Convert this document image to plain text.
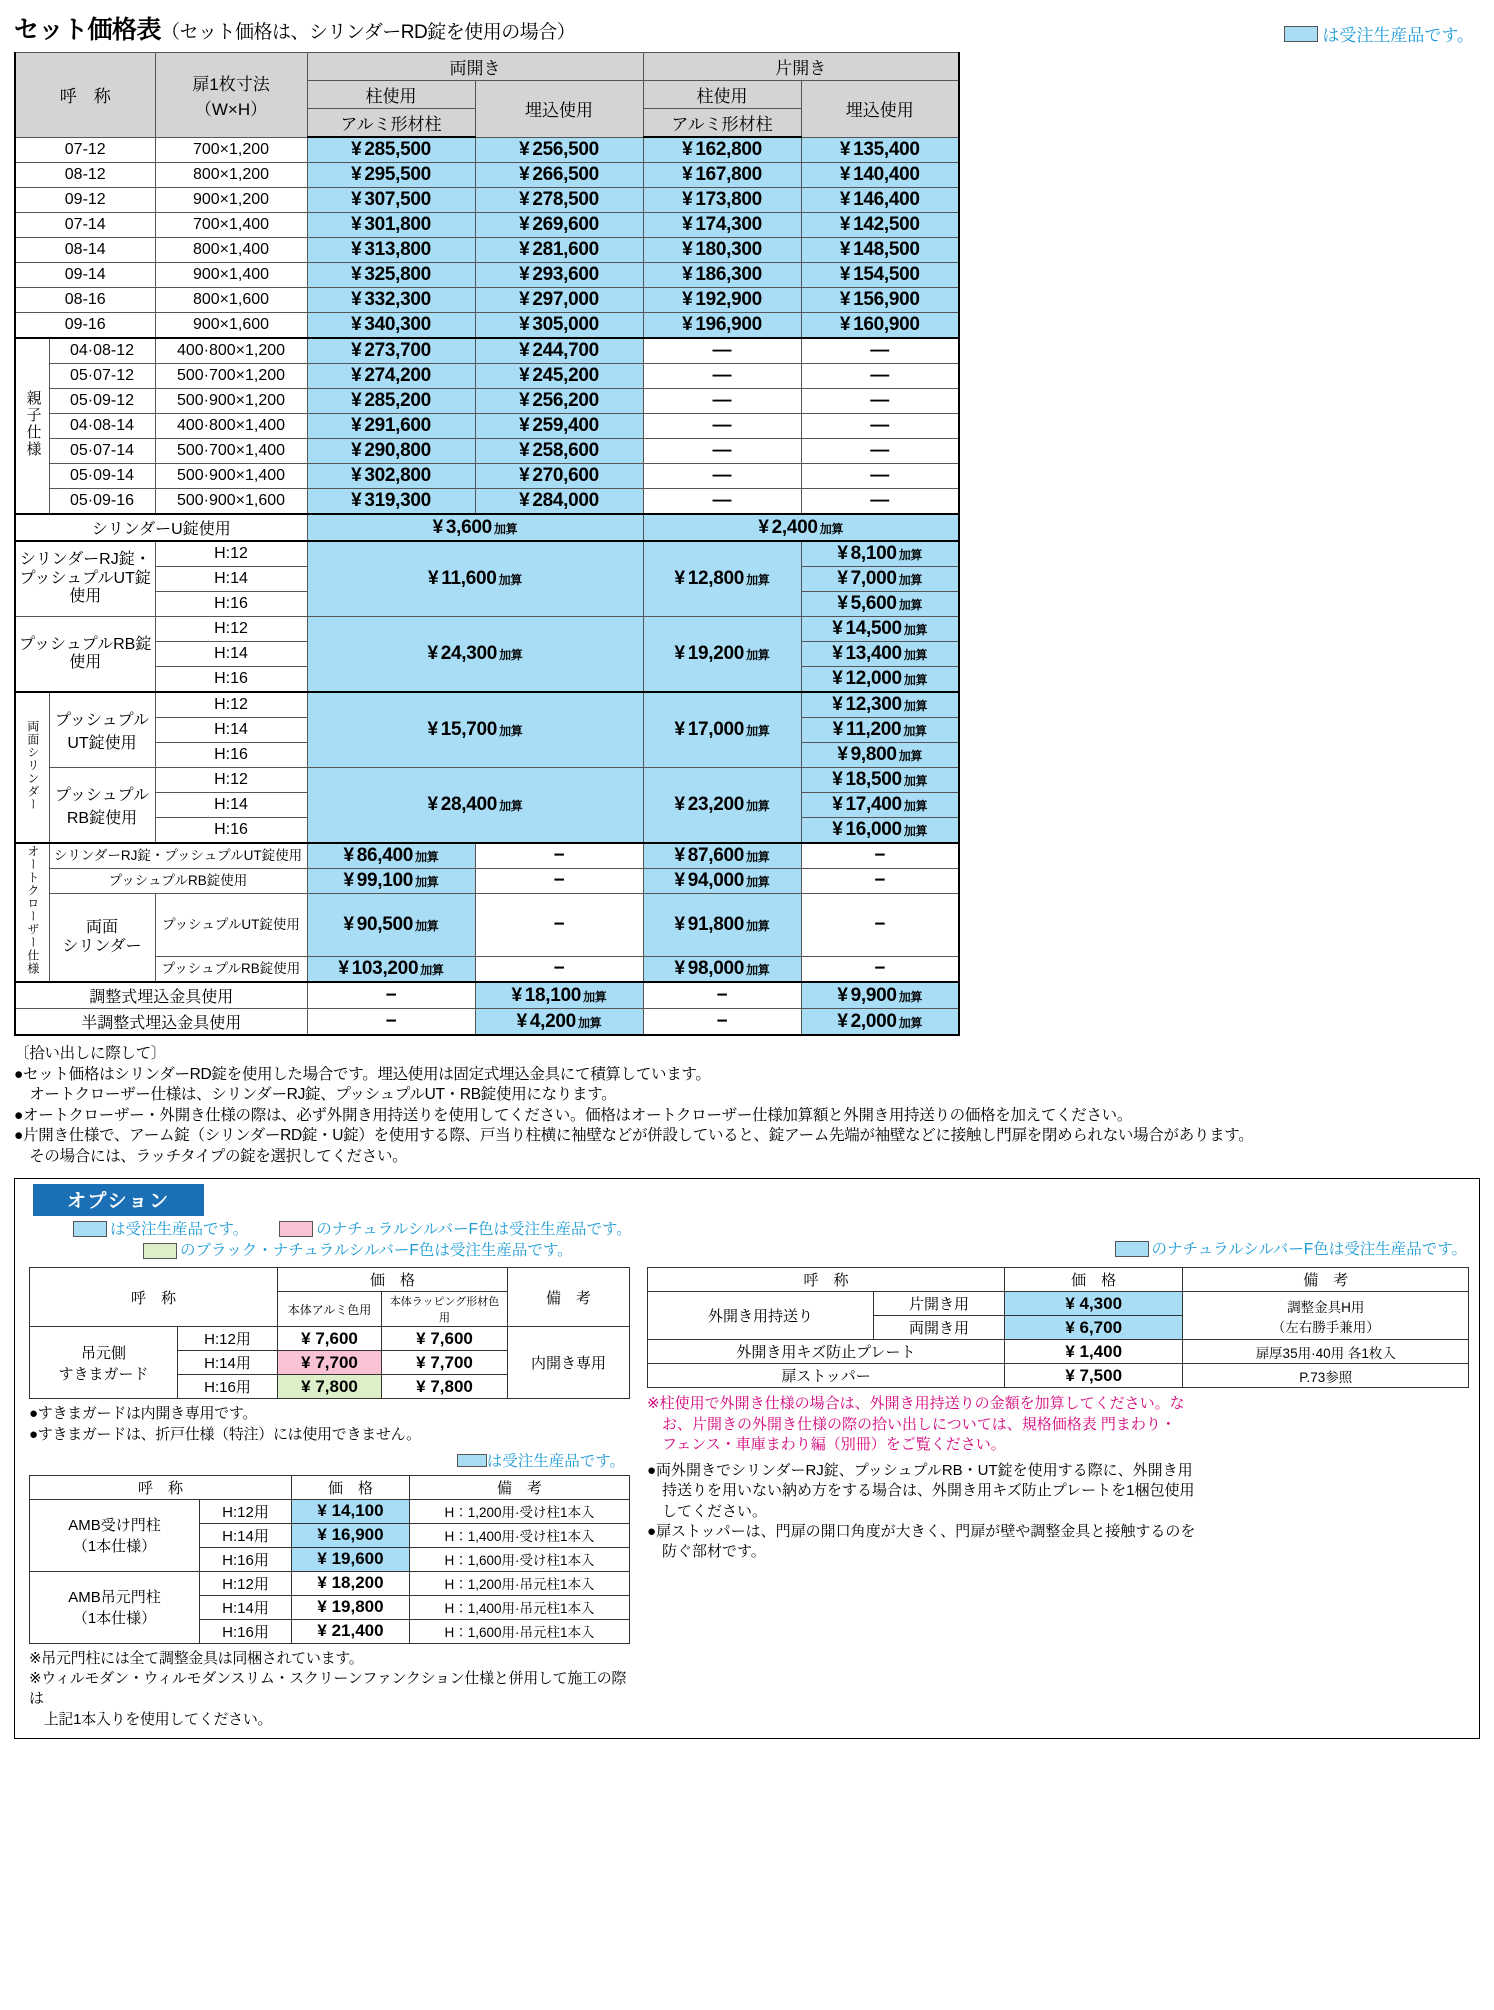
セット価格表（セット価格は、シリンダーRD錠を使用の場合）	は受注生産品です。
呼　称		扉1枚寸法
（W×H）	両開き		片開き	
			柱使用	埋込使用	柱使用	埋込使用
			アルミ形材柱		アルミ形材柱	
07-12		700×1,200	¥ 285,500	¥ 256,500	¥ 162,800	¥ 135,400
08-12		800×1,200	¥ 295,500	¥ 266,500	¥ 167,800	¥ 140,400
09-12		900×1,200	¥ 307,500	¥ 278,500	¥ 173,800	¥ 146,400
07-14		700×1,400	¥ 301,800	¥ 269,600	¥ 174,300	¥ 142,500
08-14		800×1,400	¥ 313,800	¥ 281,600	¥ 180,300	¥ 148,500
09-14		900×1,400	¥ 325,800	¥ 293,600	¥ 186,300	¥ 154,500
08-16		800×1,600	¥ 332,300	¥ 297,000	¥ 192,900	¥ 156,900
09-16		900×1,600	¥ 340,300	¥ 305,000	¥ 196,900	¥ 160,900
親子仕様	04·08-12	400·800×1,200	¥ 273,700	¥ 244,700	—	—
	05·07-12	500·700×1,200	¥ 274,200	¥ 245,200	—	—
	05·09-12	500·900×1,200	¥ 285,200	¥ 256,200	—	—
	04·08-14	400·800×1,400	¥ 291,600	¥ 259,400	—	—
	05·07-14	500·700×1,400	¥ 290,800	¥ 258,600	—	—
	05·09-14	500·900×1,400	¥ 302,800	¥ 270,600	—	—
	05·09-16	500·900×1,600	¥ 319,300	¥ 284,000	—	—
シリンダーU錠使用			¥ 3,600 加算		¥ 2,400 加算	
シリンダーRJ錠・
プッシュプルUT錠使用		H:12	¥ 11,600 加算		¥ 12,800 加算	¥ 8,100 加算
		H:14				¥ 7,000 加算
		H:16				¥ 5,600 加算
プッシュプルRB錠使用		H:12	¥ 24,300 加算		¥ 19,200 加算	¥ 14,500 加算
		H:14				¥ 13,400 加算
		H:16				¥ 12,000 加算
両面シリンダー	プッシュプルUT錠使用	H:12	¥ 15,700 加算		¥ 17,000 加算	¥ 12,300 加算
		H:14				¥ 11,200 加算
		H:16				¥ 9,800 加算
	プッシュプルRB錠使用	H:12	¥ 28,400 加算		¥ 23,200 加算	¥ 18,500 加算
		H:14				¥ 17,400 加算
		H:16				¥ 16,000 加算
オートクローザー仕様	シリンダーRJ錠・プッシュプルUT錠使用		¥ 86,400 加算	−	¥ 87,600 加算	−
	プッシュプルRB錠使用		¥ 99,100 加算	−	¥ 94,000 加算	−
	両面
シリンダー	プッシュプルUT錠使用	¥ 90,500 加算	−	¥ 91,800 加算	−
		プッシュプルRB錠使用	¥ 103,200 加算	−	¥ 98,000 加算	−
調整式埋込金具使用			−	¥ 18,100 加算	−	¥ 9,900 加算
半調整式埋込金具使用			−	¥ 4,200 加算	−	¥ 2,000 加算
〔拾い出しに際して〕
●セット価格はシリンダーRD錠を使用した場合です。埋込使用は固定式埋込金具にて積算しています。
　オートクローザー仕様は、シリンダーRJ錠、プッシュプルUT・RB錠使用になります。
●オートクローザー・外開き仕様の際は、必ず外開き用持送りを使用してください。価格はオートクローザー仕様加算額と外開き用持送りの価格を加えてください。
●片開き仕様で、アーム錠（シリンダーRD錠・U錠）を使用する際、戸当り柱横に袖壁などが併設していると、錠アーム先端が袖壁などに接触し門扉を閉められない場合があります。
　その場合には、ラッチタイプの錠を選択してください。
オプション
は受注生産品です。	のナチュラルシルバーF色は受注生産品です。
のブラック・ナチュラルシルバーF色は受注生産品です。	のナチュラルシルバーF色は受注生産品です。
呼　称		価　格		備　考
		本体アルミ色用	本体ラッピング形材色用	
吊元側
すきまガード	H:12用	¥ 7,600	¥ 7,600	内開き専用
	H:14用	¥ 7,700	¥ 7,700	
	H:16用	¥ 7,800	¥ 7,800	
●すきまガードは内開き専用です。
●すきまガードは、折戸仕様（特注）には使用できません。
は受注生産品です。
呼　称		価　格	備　考
AMB受け門柱
（1本仕様）	H:12用	¥ 14,100	H：1,200用·受け柱1本入
	H:14用	¥ 16,900	H：1,400用·受け柱1本入
	H:16用	¥ 19,600	H：1,600用·受け柱1本入
AMB吊元門柱
（1本仕様）	H:12用	¥ 18,200	H：1,200用·吊元柱1本入
	H:14用	¥ 19,800	H：1,400用·吊元柱1本入
	H:16用	¥ 21,400	H：1,600用·吊元柱1本入
※吊元門柱には全て調整金具は同梱されています。
※ウィルモダン・ウィルモダンスリム・スクリーンファンクション仕様と併用して施工の際は
　上記1本入りを使用してください。
呼　称		価　格	備　考
外開き用持送り	片開き用	¥ 4,300	調整金具H用
（左右勝手兼用）
	両開き用	¥ 6,700	
外開き用キズ防止プレート		¥ 1,400	扉厚35用·40用 各1枚入
扉ストッパー		¥ 7,500	P.73参照
※柱使用で外開き仕様の場合は、外開き用持送りの金額を加算してください。な
　お、片開きの外開き仕様の際の拾い出しについては、規格価格表 門まわり・
　フェンス・車庫まわり編（別冊）をご覧ください。
●両外開きでシリンダーRJ錠、プッシュプルRB・UT錠を使用する際に、外開き用
　持送りを用いない納め方をする場合は、外開き用キズ防止プレートを1梱包使用
　してください。
●扉ストッパーは、門扉の開口角度が大きく、門扉が壁や調整金具と接触するのを
　防ぐ部材です。
